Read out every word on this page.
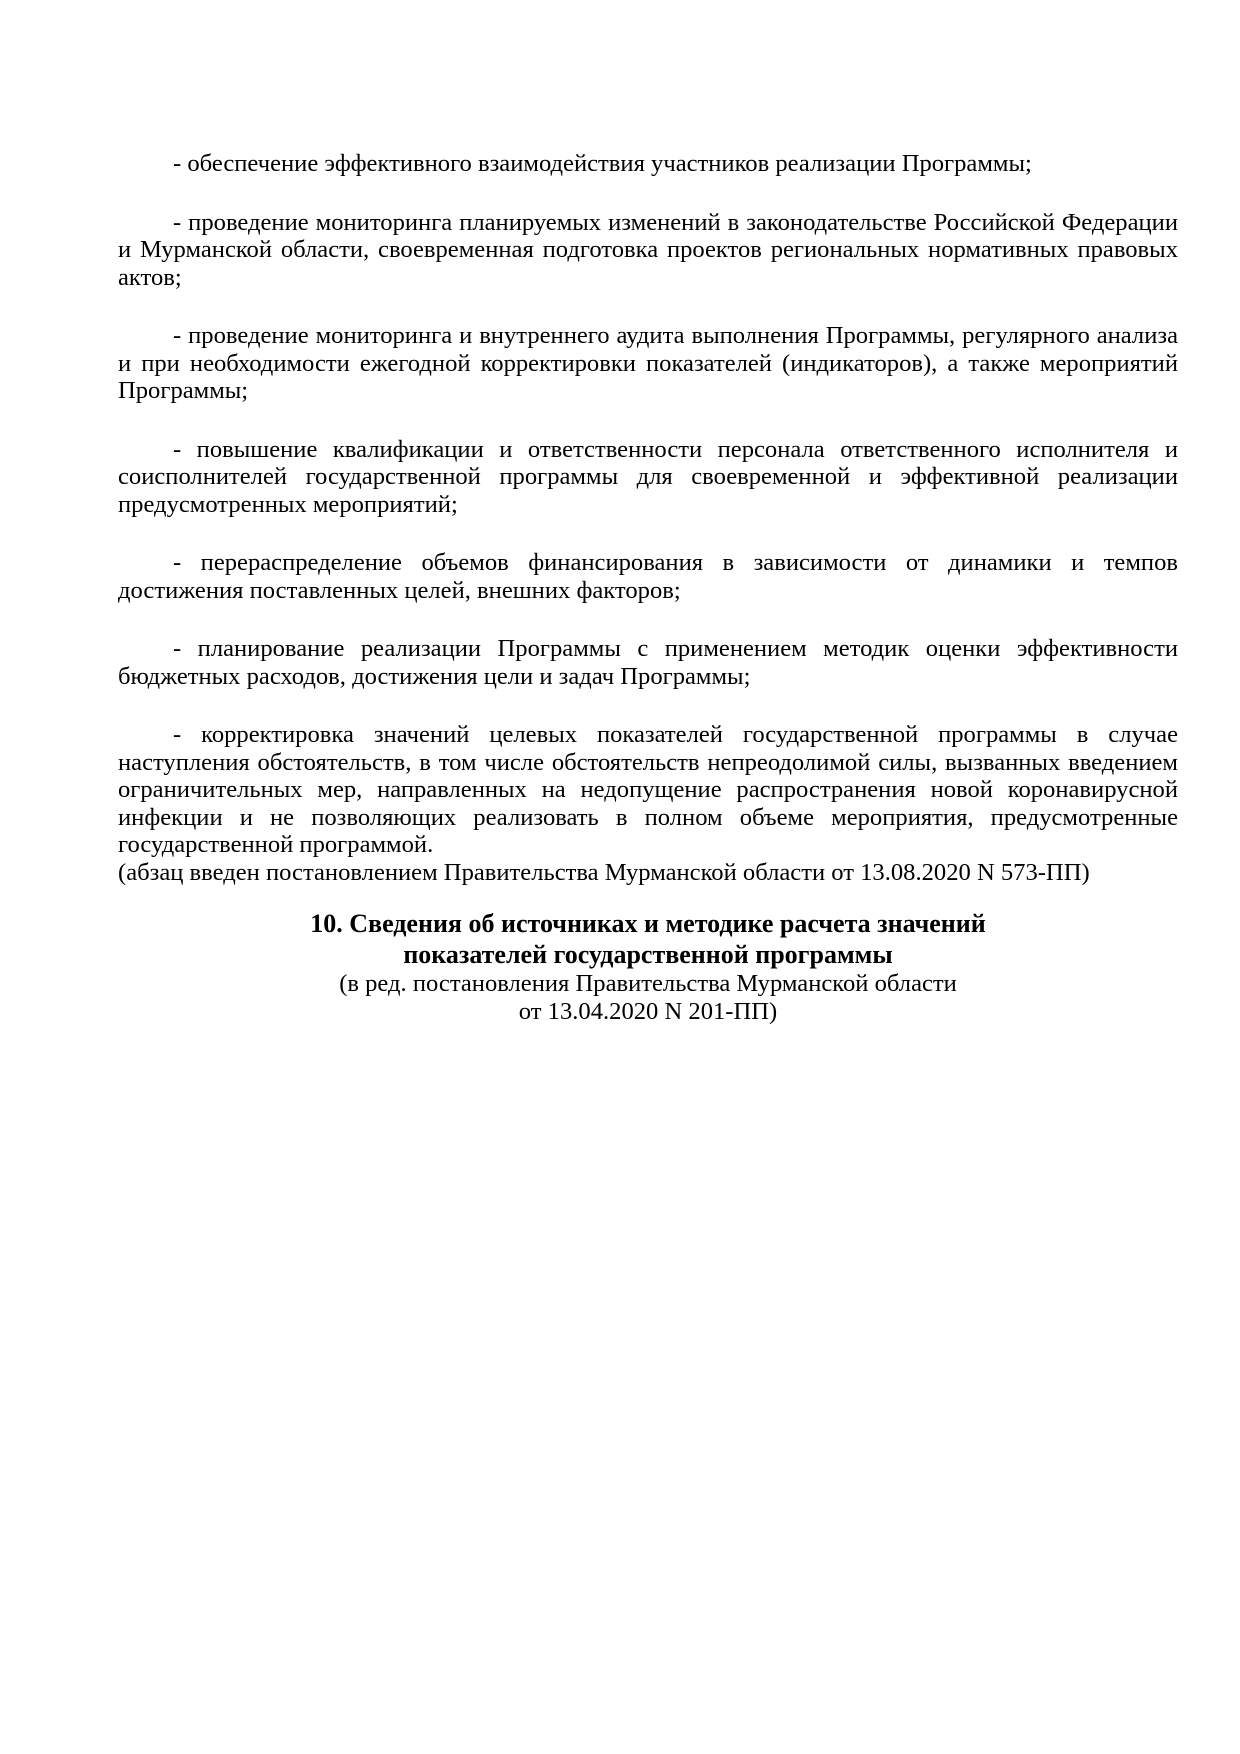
- обеспечение эффективного взаимодействия участников реализации Программы;

- проведение мониторинга планируемых изменений в законодательстве Российской Федерации и Мурманской области, своевременная подготовка проектов региональных нормативных правовых актов;

- проведение мониторинга и внутреннего аудита выполнения Программы, регулярного анализа и при необходимости ежегодной корректировки показателей (индикаторов), а также мероприятий Программы;

- повышение квалификации и ответственности персонала ответственного исполнителя и соисполнителей государственной программы для своевременной и эффективной реализации предусмотренных мероприятий;

- перераспределение объемов финансирования в зависимости от динамики и темпов достижения поставленных целей, внешних факторов;

- планирование реализации Программы с применением методик оценки эффективности бюджетных расходов, достижения цели и задач Программы;

- корректировка значений целевых показателей государственной программы в случае наступления обстоятельств, в том числе обстоятельств непреодолимой силы, вызванных введением ограничительных мер, направленных на недопущение распространения новой коронавирусной инфекции и не позволяющих реализовать в полном объеме мероприятия, предусмотренные государственной программой.

(абзац введен постановлением Правительства Мурманской области от 13.08.2020 N 573-ПП)

10. Сведения об источниках и методике расчета значений

показателей государственной программы

(в ред. постановления Правительства Мурманской области

от 13.04.2020 N 201-ПП)
